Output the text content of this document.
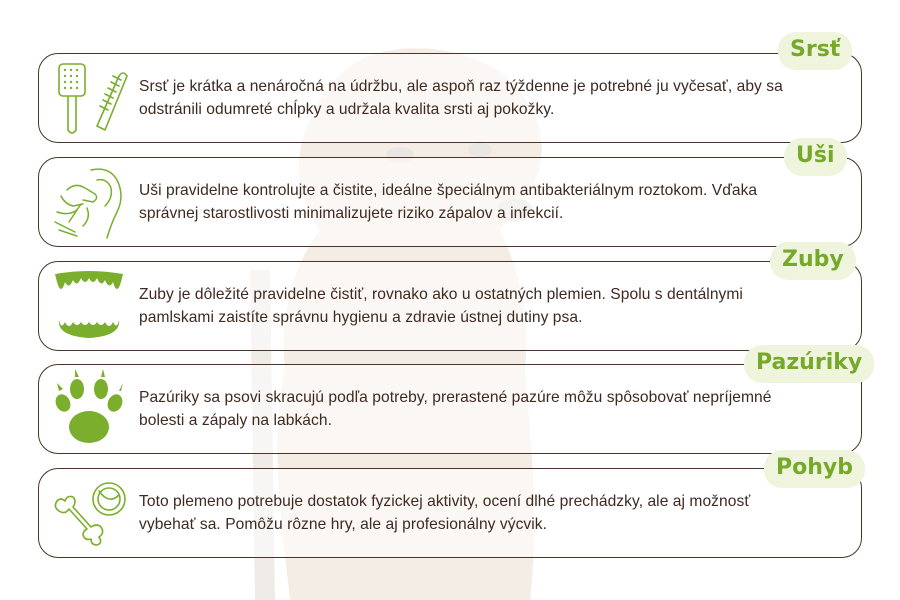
Srsť je krátka a nenáročná na údržbu, ale aspoň raz týždenne je potrebné ju vyčesať, aby sa odstránili odumreté chĺpky a udržala kvalita srsti aj pokožky.
Srsť
Uši pravidelne kontrolujte a čistite, ideálne špeciálnym antibakteriálnym roztokom. Vďaka správnej starostlivosti minimalizujete riziko zápalov a infekcií.
Uši
Zuby je dôležité pravidelne čistiť, rovnako ako u ostatných plemien. Spolu s dentálnymi pamlskami zaistíte správnu hygienu a zdravie ústnej dutiny psa.
Zuby
Pazúriky sa psovi skracujú podľa potreby, prerastené pazúre môžu spôsobovať nepríjemné bolesti a zápaly na labkách.
Pazúriky
Toto plemeno potrebuje dostatok fyzickej aktivity, ocení dlhé prechádzky, ale aj možnosť vybehať sa. Pomôžu rôzne hry, ale aj profesionálny výcvik.
Pohyb
